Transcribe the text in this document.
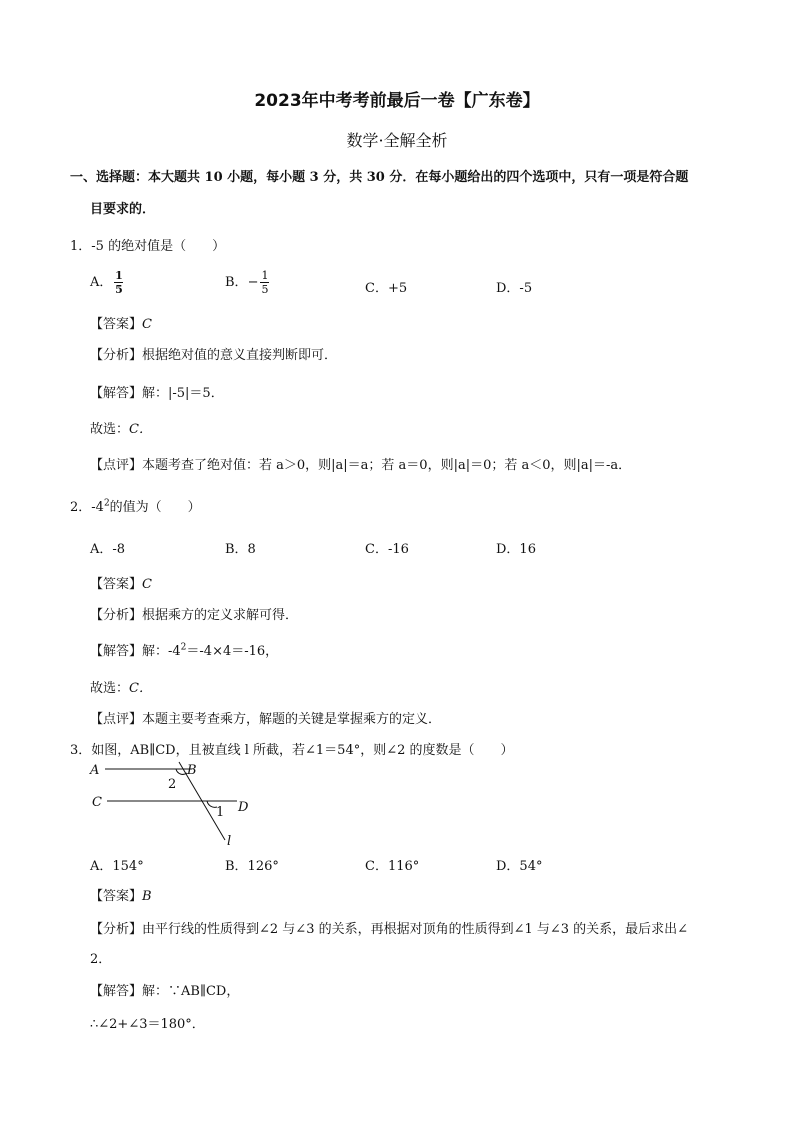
2023年中考考前最后一卷【广东卷】
数学·全解全析
一、选择题：本大题共 10 小题，每小题 3 分，共 30 分．在每小题给出的四个选项中，只有一项是符合题
目要求的．
1．-5 的绝对值是（　　）
A． $\frac{1}{5}$	B．− $\frac{1}{5}$	C．+5	D．-5
【答案】C
【分析】根据绝对值的意义直接判断即可．
【解答】解：|-5|＝5．
故选：C．
【点评】本题考查了绝对值：若 a＞0，则|a|＝a；若 a＝0，则|a|＝0；若 a＜0，则|a|＝-a．
2．$-4^2$的值为（　　）
A．-8	B．8	C．-16	D．16
【答案】C
【分析】根据乘方的定义求解可得．
【解答】解：$-4^2=-4\times 4=-16$，
故选：C．
【点评】本题主要考查乘方，解题的关键是掌握乘方的定义．
3．如图，AB∥CD，且被直线 l 所截，若∠1＝54°，则∠2 的度数是（　　）
A	B
C	D
l
1
2
A．154°	B．126°	C．116°	D．54°
【答案】B
【分析】由平行线的性质得到∠2 与∠3 的关系，再根据对顶角的性质得到∠1 与∠3 的关系，最后求出∠
2．
【解答】解：∵AB∥CD，
∴∠2+∠3＝180°．
